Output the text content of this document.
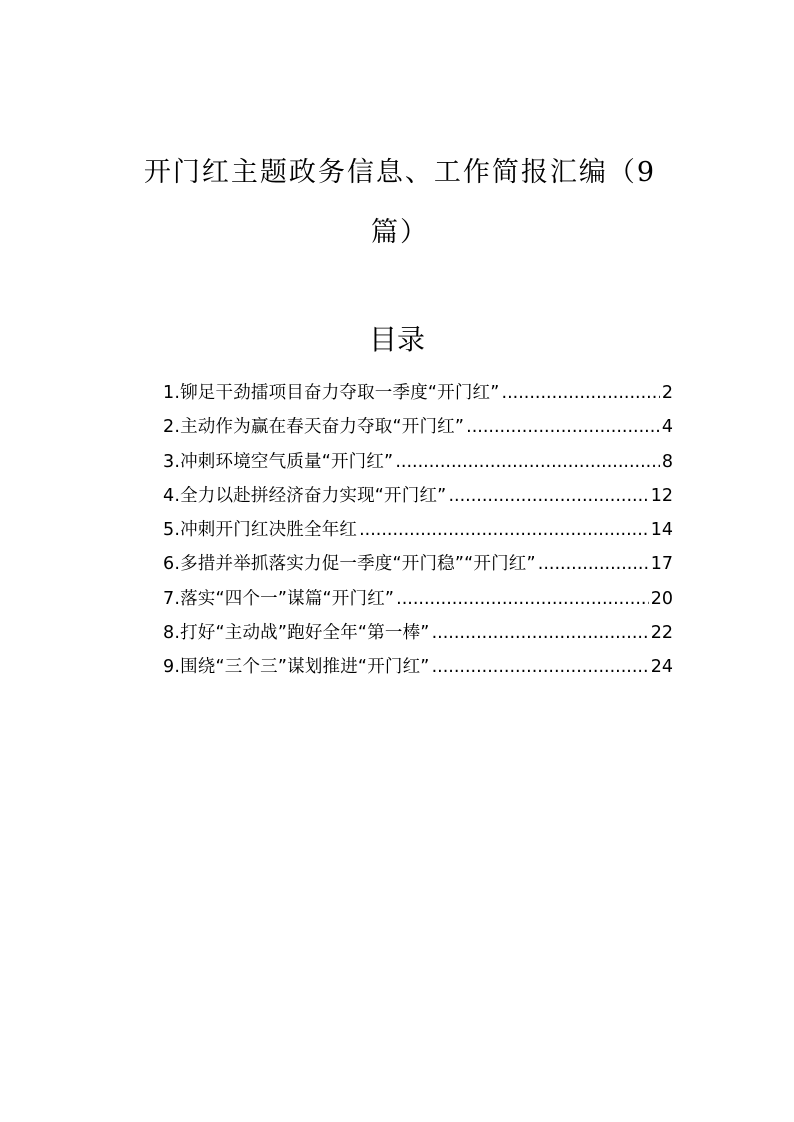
开门红主题政务信息、工作简报汇编（9
篇）
目录
1.铆足干劲擂项目奋力夺取一季度“开门红” .....	2
2.主动作为赢在春天奋力夺取“开门红” .....	4
3.冲刺环境空气质量“开门红” .....	8
4.全力以赴拼经济奋力实现“开门红” .....	12
5.冲刺开门红决胜全年红 .....	14
6.多措并举抓落实力促一季度“开门稳”“开门红” .....	17
7.落实“四个一”谋篇“开门红” .....	20
8.打好“主动战”跑好全年“第一棒” .....	22
9.围绕“三个三”谋划推进“开门红” .....	24
